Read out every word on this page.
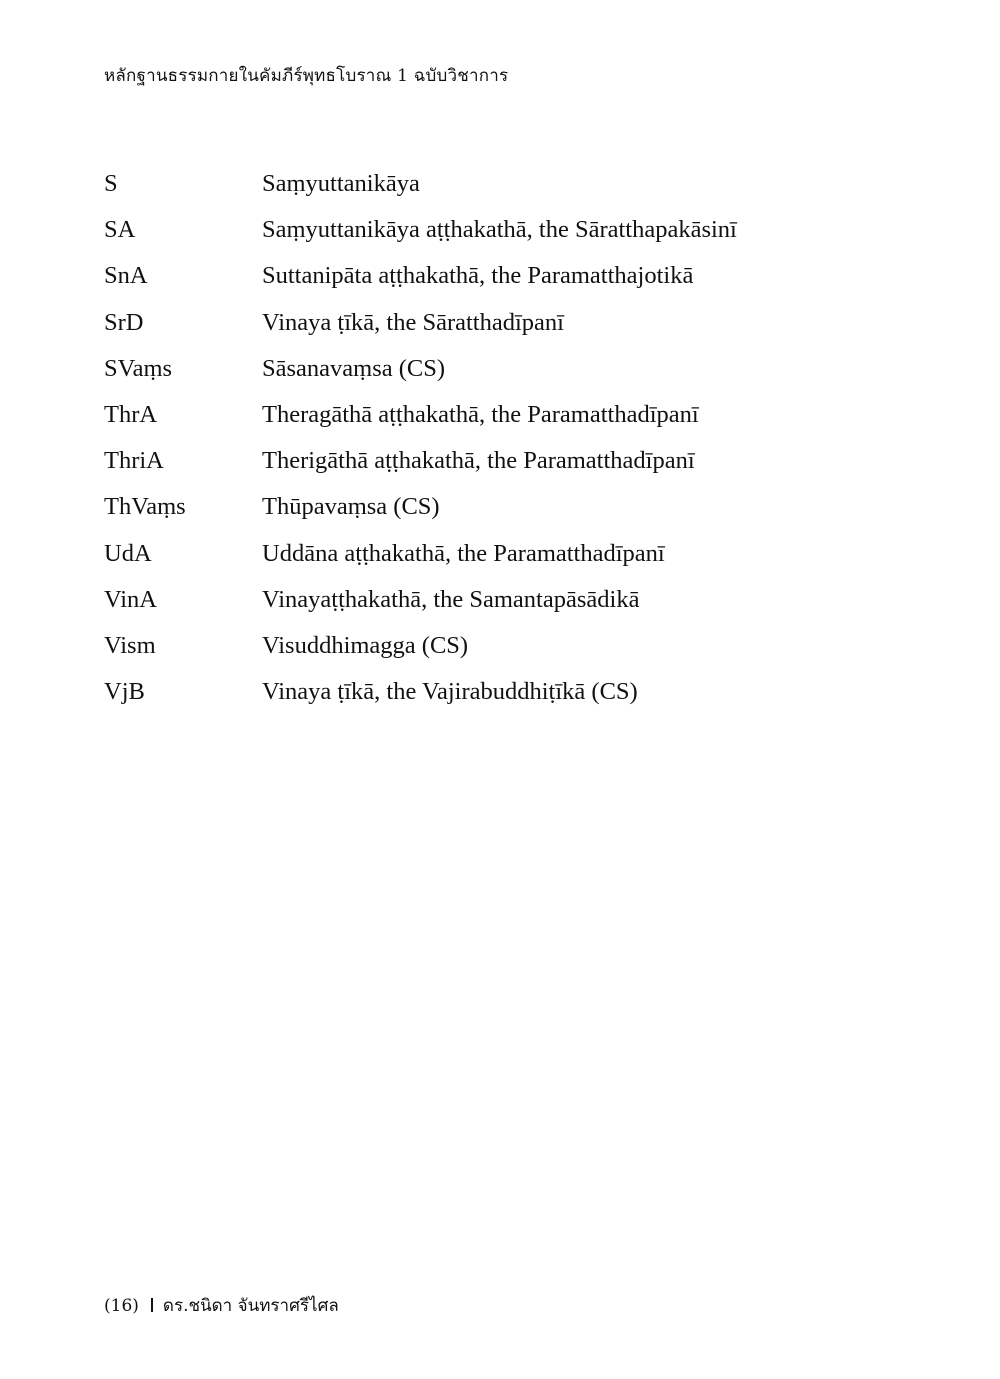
หลักฐานธรรมกายในคัมภีร์พุทธโบราณ 1 ฉบับวิชาการ
S	Saṃyuttanikāya
SA	Saṃyuttanikāya aṭṭhakathā, the Sāratthapakāsinī
SnA	Suttanipāta aṭṭhakathā, the Paramatthajotikā
SrD	Vinaya ṭīkā, the Sāratthadīpanī
SVaṃs	Sāsanavaṃsa (CS)
ThrA	Theragāthā aṭṭhakathā, the Paramatthadīpanī
ThriA	Therigāthā aṭṭhakathā, the Paramatthadīpanī
ThVaṃs	Thūpavaṃsa (CS)
UdA	Uddāna aṭṭhakathā, the Paramatthadīpanī
VinA	Vinayaṭṭhakathā, the Samantapāsādikā
Vism	Visuddhimagga (CS)
VjB	Vinaya ṭīkā, the Vajirabuddhiṭīkā (CS)
(16) ดร.ชนิดา จันทราศรีไศล
